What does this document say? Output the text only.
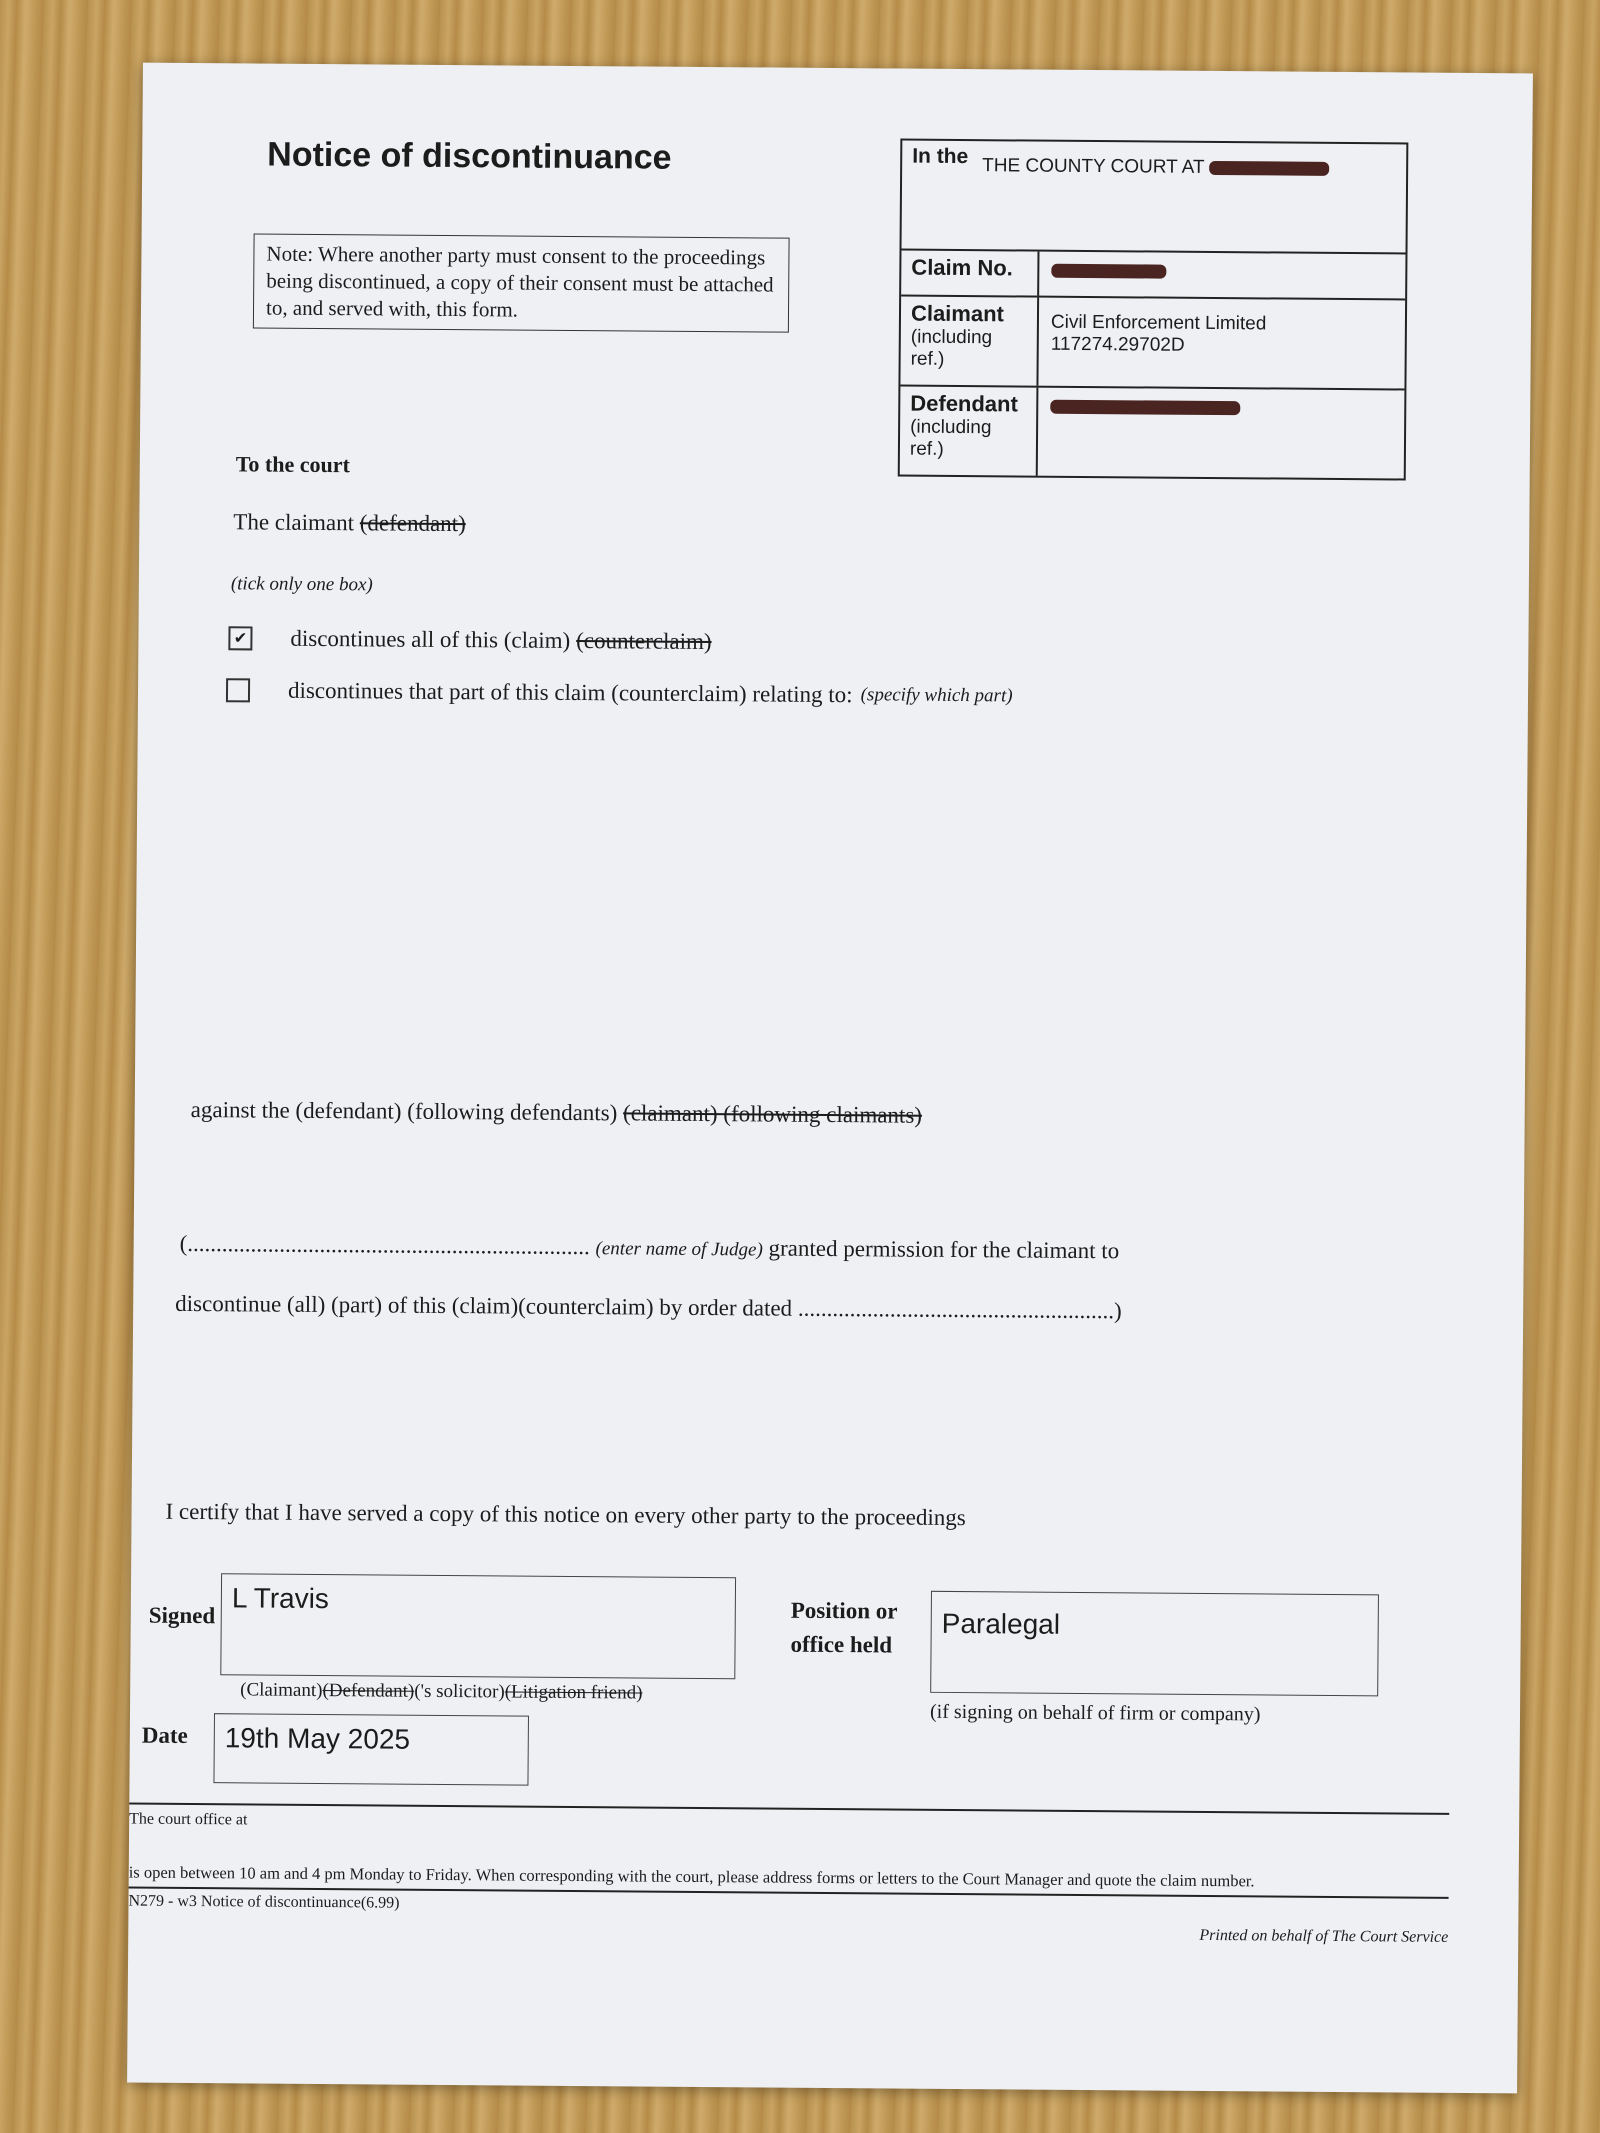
Notice of discontinuance
Note: Where another party must consent to the proceedings being discontinued, a copy of their consent must be attached to, and served with, this form.
In the THE COUNTY COURT AT
Claim No.
Claimant
(including ref.)
Civil Enforcement Limited
117274.29702D
Defendant
(including ref.)
To the court
The claimant (defendant)
(tick only one box)
✔ discontinues all of this (claim) (counterclaim)
discontinues that part of this claim (counterclaim) relating to: (specify which part)
against the (defendant) (following defendants) (claimant) (following claimants)
(...................................................................... (enter name of Judge) granted permission for the claimant to
discontinue (all) (part) of this (claim)(counterclaim) by order dated .......................................................)
I certify that I have served a copy of this notice on every other party to the proceedings
Signed
L Travis
(Claimant)(Defendant)('s solicitor)(Litigation friend)
Position or
office held
Paralegal
(if signing on behalf of firm or company)
Date	19th May 2025
The court office at
is open between 10 am and 4 pm Monday to Friday. When corresponding with the court, please address forms or letters to the Court Manager and quote the claim number.
N279 - w3 Notice of discontinuance(6.99)
Printed on behalf of The Court Service
